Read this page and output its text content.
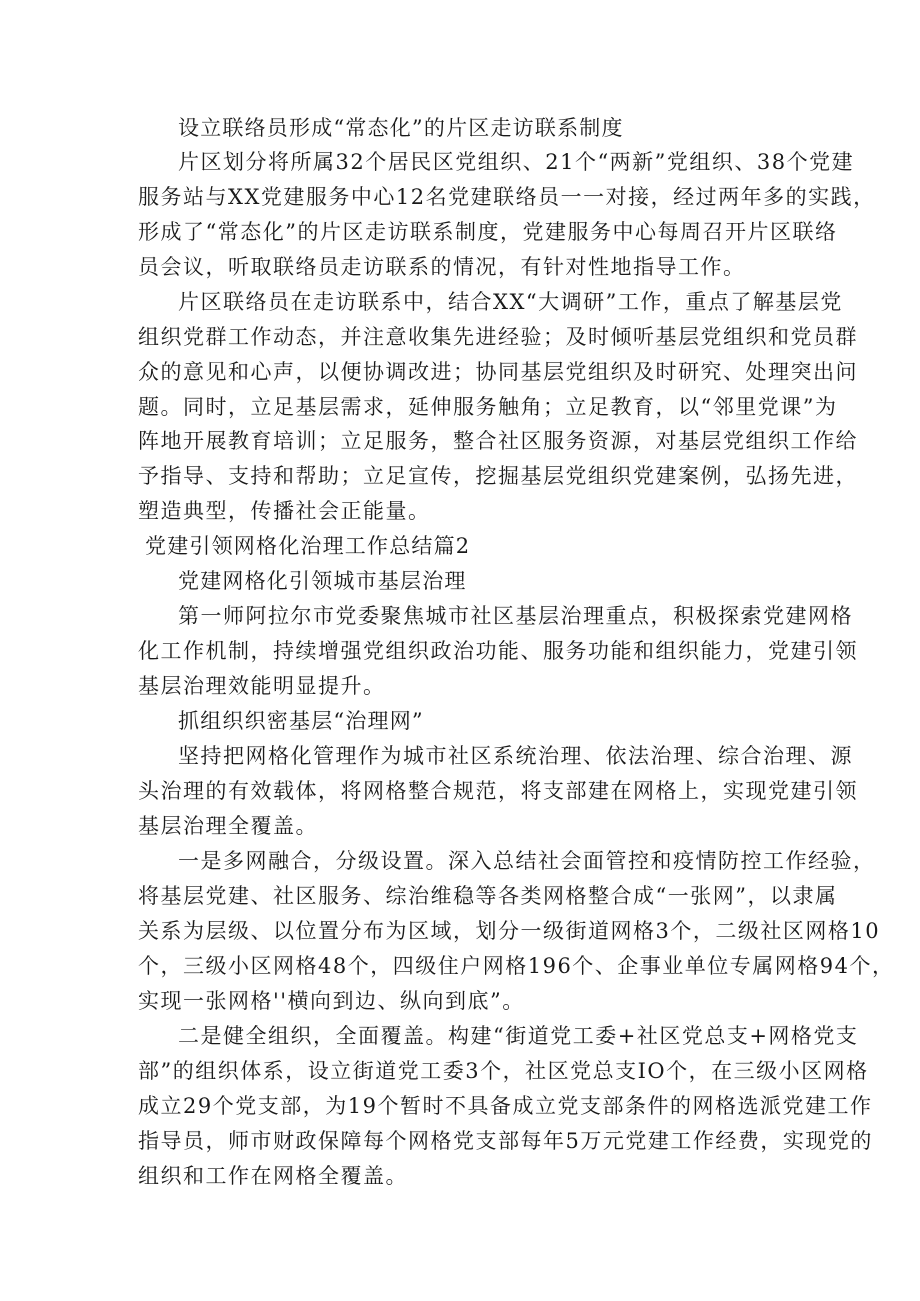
设立联络员形成“常态化”的片区走访联系制度
片区划分将所属32个居民区党组织、21个“两新”党组织、38个党建
服务站与XX党建服务中心12名党建联络员一一对接，经过两年多的实践，
形成了“常态化”的片区走访联系制度，党建服务中心每周召开片区联络
员会议，听取联络员走访联系的情况，有针对性地指导工作。
片区联络员在走访联系中，结合XX“大调研”工作，重点了解基层党
组织党群工作动态，并注意收集先进经验；及时倾听基层党组织和党员群
众的意见和心声，以便协调改进；协同基层党组织及时研究、处理突出问
题。同时，立足基层需求，延伸服务触角；立足教育，以“邻里党课”为
阵地开展教育培训；立足服务，整合社区服务资源，对基层党组织工作给
予指导、支持和帮助；立足宣传，挖掘基层党组织党建案例，弘扬先进，
塑造典型，传播社会正能量。
党建引领网格化治理工作总结篇2
党建网格化引领城市基层治理
第一师阿拉尔市党委聚焦城市社区基层治理重点，积极探索党建网格
化工作机制，持续增强党组织政治功能、服务功能和组织能力，党建引领
基层治理效能明显提升。
抓组织织密基层“治理网”
坚持把网格化管理作为城市社区系统治理、依法治理、综合治理、源
头治理的有效载体，将网格整合规范，将支部建在网格上，实现党建引领
基层治理全覆盖。
一是多网融合，分级设置。深入总结社会面管控和疫情防控工作经验，
将基层党建、社区服务、综治维稳等各类网格整合成“一张网”，以隶属
关系为层级、以位置分布为区域，划分一级街道网格3个，二级社区网格10
个，三级小区网格48个，四级住户网格196个、企事业单位专属网格94个，
实现一张网格''横向到边、纵向到底”。
二是健全组织，全面覆盖。构建“街道党工委+社区党总支+网格党支
部”的组织体系，设立街道党工委3个，社区党总支IO个，在三级小区网格
成立29个党支部，为19个暂时不具备成立党支部条件的网格选派党建工作
指导员，师市财政保障每个网格党支部每年5万元党建工作经费，实现党的
组织和工作在网格全覆盖。
